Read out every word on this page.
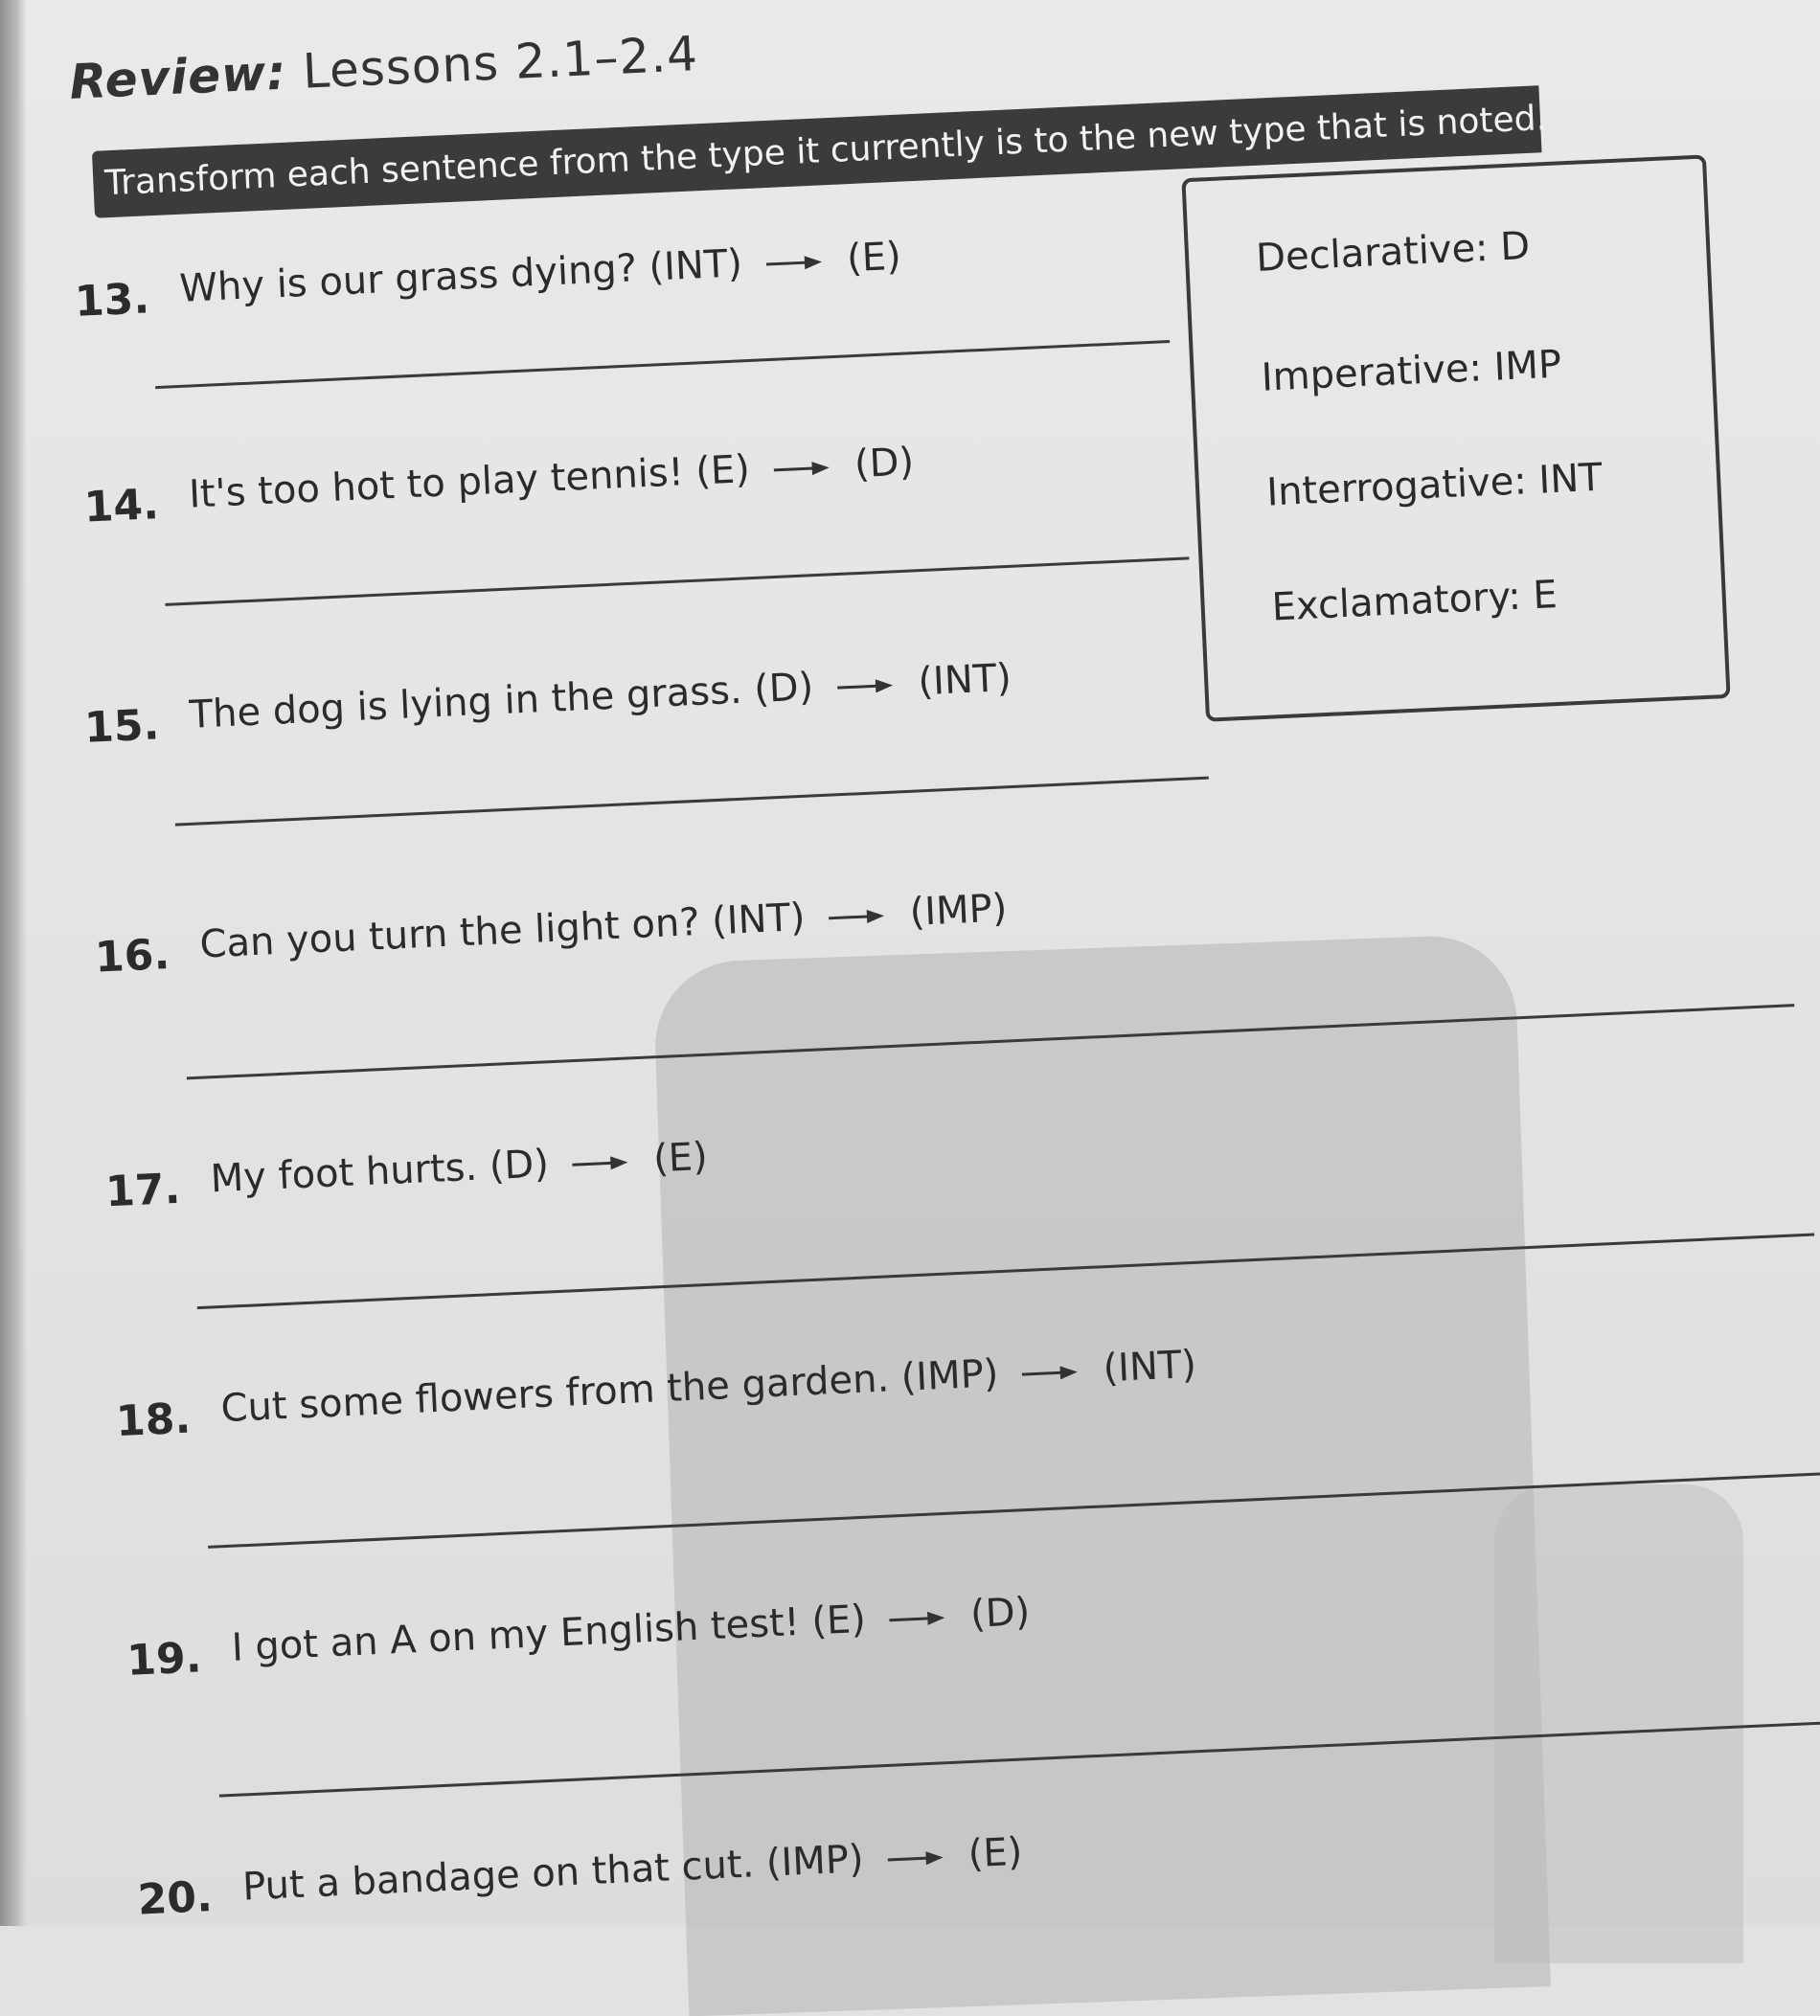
Review: Lessons 2.1–2.4
Transform each sentence from the type it currently is to the new type that is noted.
Declarative: D
Imperative: IMP
Interrogative: INT
Exclamatory: E
13. Why is our grass dying? (INT)	(E)
14. It's too hot to play tennis! (E)	(D)
15. The dog is lying in the grass. (D)	(INT)
16. Can you turn the light on? (INT)	(IMP)
17. My foot hurts. (D)	(E)
18. Cut some flowers from the garden. (IMP)	(INT)
19. I got an A on my English test! (E)	(D)
20. Put a bandage on that cut. (IMP)	(E)
